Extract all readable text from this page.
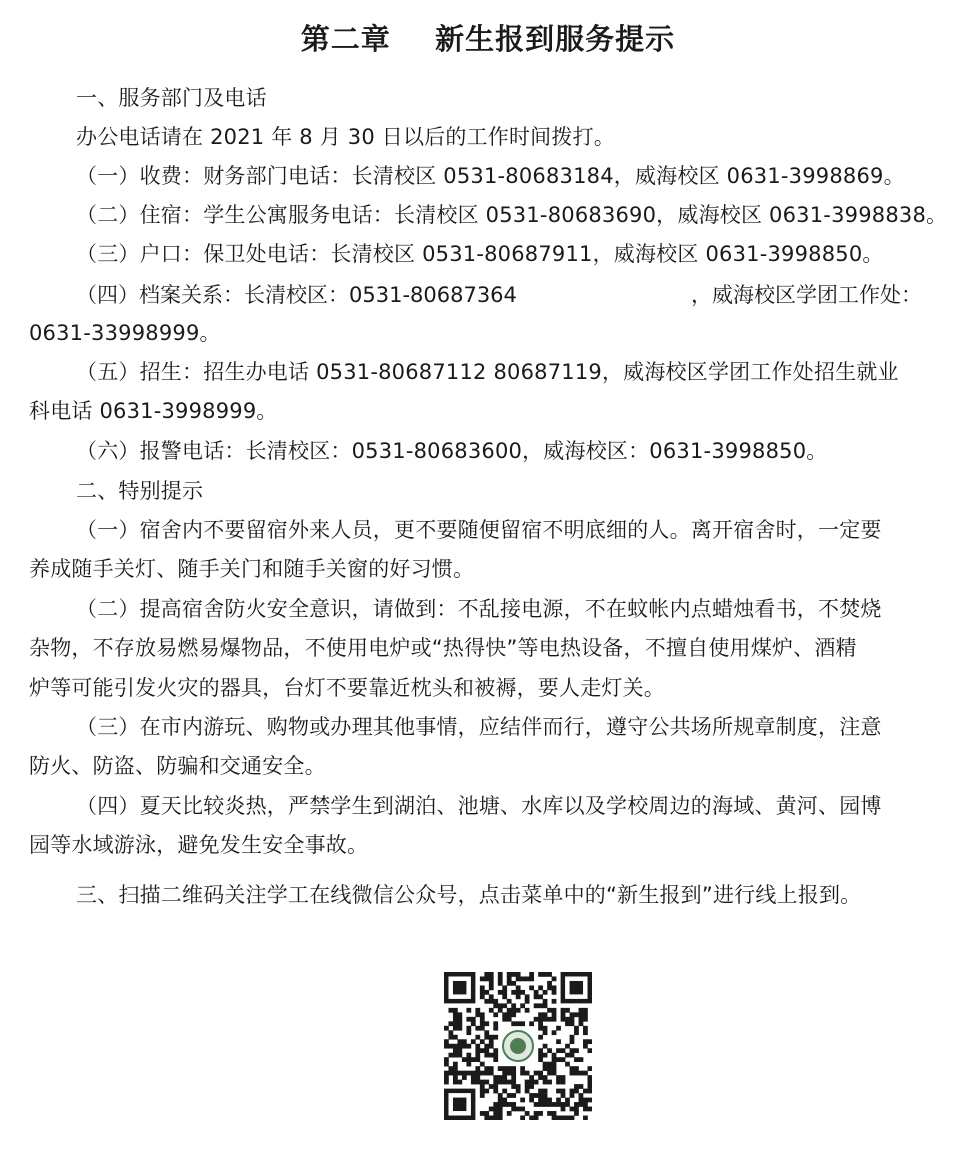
第二章    新生报到服务提示
一、服务部门及电话
办公电话请在 2021 年 8 月 30 日以后的工作时间拨打。
（一）收费：财务部门电话：长清校区 0531-80683184，威海校区 0631-3998869。
（二）住宿：学生公寓服务电话：长清校区 0531-80683690，威海校区 0631-3998838。
（三）户口：保卫处电话：长清校区 0531-80687911，威海校区 0631-3998850。
（四）档案关系：长清校区：0531-80687364	，威海校区学团工作处：
0631-33998999。
（五）招生：招生办电话 0531-80687112 80687119，威海校区学团工作处招生就业
科电话 0631-3998999。
（六）报警电话：长清校区：0531-80683600，威海校区：0631-3998850。
二、特别提示
（一）宿舍内不要留宿外来人员，更不要随便留宿不明底细的人。离开宿舍时，一定要
养成随手关灯、随手关门和随手关窗的好习惯。
（二）提高宿舍防火安全意识，请做到：不乱接电源，不在蚊帐内点蜡烛看书，不焚烧
杂物，不存放易燃易爆物品，不使用电炉或“热得快”等电热设备，不擅自使用煤炉、酒精
炉等可能引发火灾的器具，台灯不要靠近枕头和被褥，要人走灯关。
（三）在市内游玩、购物或办理其他事情，应结伴而行，遵守公共场所规章制度，注意
防火、防盗、防骗和交通安全。
（四）夏天比较炎热，严禁学生到湖泊、池塘、水库以及学校周边的海域、黄河、园博
园等水域游泳，避免发生安全事故。
三、扫描二维码关注学工在线微信公众号，点击菜单中的“新生报到”进行线上报到。
